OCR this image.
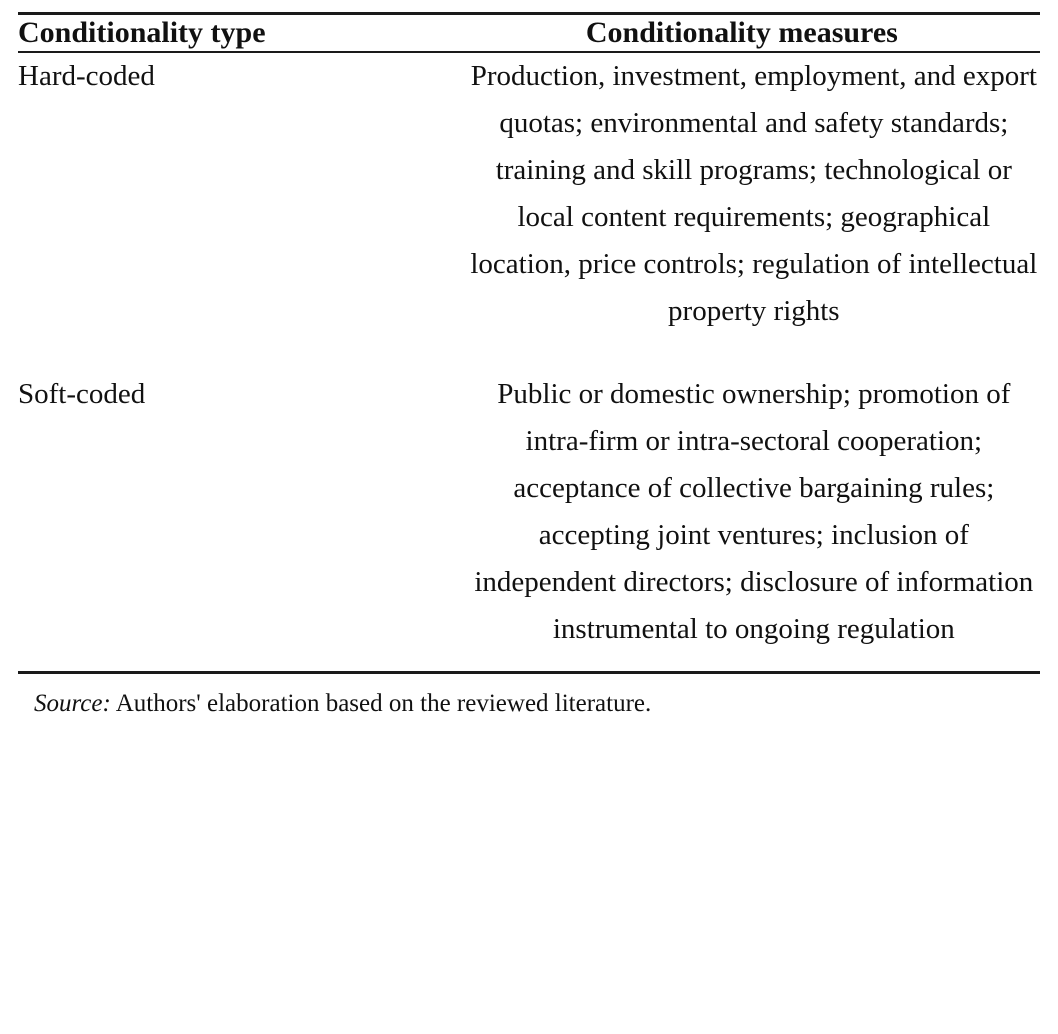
Conditionality type	Conditionality measures
Hard-coded	Production, investment, employment, and export quotas; environmental and safety standards; training and skill programs; technological or local content requirements; geographical location, price controls; regulation of intellectual property rights
Soft-coded	Public or domestic ownership; promotion of intra-firm or intra-sectoral cooperation; acceptance of collective bargaining rules; accepting joint ventures; inclusion of independent directors; disclosure of information instrumental to ongoing regulation
Source: Authors' elaboration based on the reviewed literature.
